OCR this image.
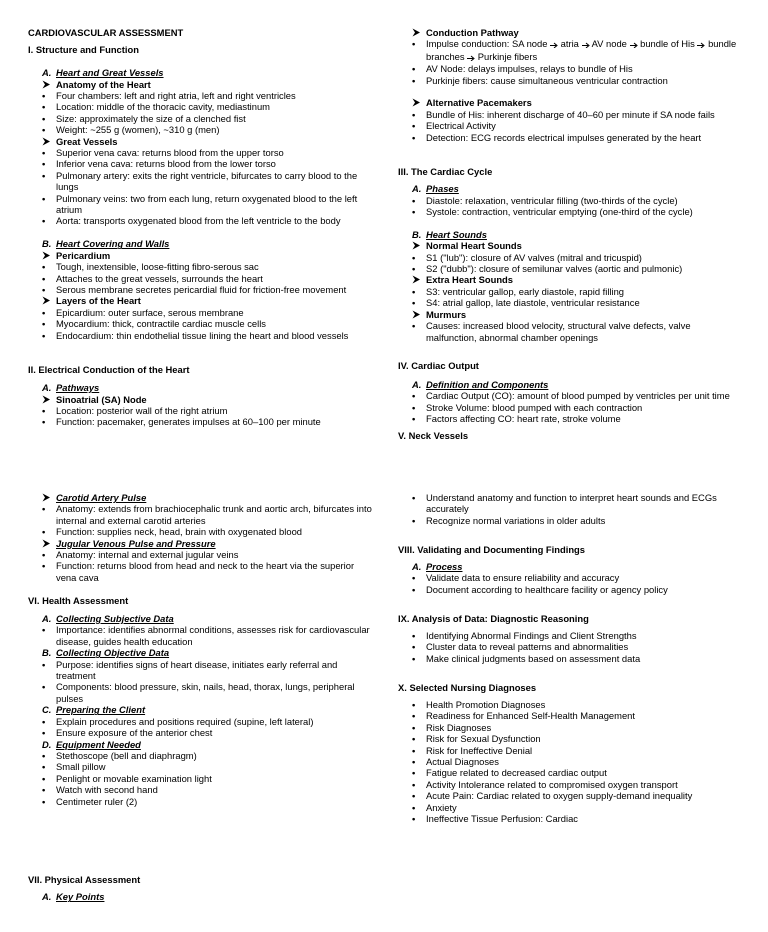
CARDIOVASCULAR ASSESSMENT
I. Structure and Function
A. Heart and Great Vessels
Anatomy of the Heart
•	Four chambers: left and right atria, left and right ventricles
•	Location: middle of the thoracic cavity, mediastinum
•	Size: approximately the size of a clenched fist
•	Weight: ~255 g (women), ~310 g (men)
Great Vessels
•	Superior vena cava: returns blood from the upper torso
•	Inferior vena cava: returns blood from the lower torso
•	Pulmonary artery: exits the right ventricle, bifurcates to carry blood to the lungs
•	Pulmonary veins: two from each lung, return oxygenated blood to the left atrium
•	Aorta: transports oxygenated blood from the left ventricle to the body
B. Heart Covering and Walls
Pericardium
•	Tough, inextensible, loose-fitting fibro-serous sac
•	Attaches to the great vessels, surrounds the heart
•	Serous membrane secretes pericardial fluid for friction-free movement
Layers of the Heart
•	Epicardium: outer surface, serous membrane
•	Myocardium: thick, contractile cardiac muscle cells
•	Endocardium: thin endothelial tissue lining the heart and blood vessels
II. Electrical Conduction of the Heart
A. Pathways
Sinoatrial (SA) Node
•	Location: posterior wall of the right atrium
•	Function: pacemaker, generates impulses at 60–100 per minute
Carotid Artery Pulse
•	Anatomy: extends from brachiocephalic trunk and aortic arch, bifurcates into internal and external carotid arteries
•	Function: supplies neck, head, brain with oxygenated blood
Jugular Venous Pulse and Pressure
•	Anatomy: internal and external jugular veins
•	Function: returns blood from head and neck to the heart via the superior vena cava
VI. Health Assessment
A. Collecting Subjective Data
•	Importance: identifies abnormal conditions, assesses risk for cardiovascular disease, guides health education
B. Collecting Objective Data
•	Purpose: identifies signs of heart disease, initiates early referral and treatment
•	Components: blood pressure, skin, nails, head, thorax, lungs, peripheral pulses
C. Preparing the Client
•	Explain procedures and positions required (supine, left lateral)
•	Ensure exposure of the anterior chest
D. Equipment Needed
•	Stethoscope (bell and diaphragm)
•	Small pillow
•	Penlight or movable examination light
•	Watch with second hand
•	Centimeter ruler (2)
VII. Physical Assessment
A. Key Points
Conduction Pathway
•	Impulse conduction: SA node atria AV node bundle of His bundle branches Purkinje fibers
•	AV Node: delays impulses, relays to bundle of His
•	Purkinje fibers: cause simultaneous ventricular contraction
Alternative Pacemakers
•	Bundle of His: inherent discharge of 40–60 per minute if SA node fails
•	Electrical Activity
•	Detection: ECG records electrical impulses generated by the heart
III. The Cardiac Cycle
A. Phases
•	Diastole: relaxation, ventricular filling (two-thirds of the cycle)
•	Systole: contraction, ventricular emptying (one-third of the cycle)
B. Heart Sounds
Normal Heart Sounds
•	S1 ("lub"): closure of AV valves (mitral and tricuspid)
•	S2 ("dubb"): closure of semilunar valves (aortic and pulmonic)
Extra Heart Sounds
•	S3: ventricular gallop, early diastole, rapid filling
•	S4: atrial gallop, late diastole, ventricular resistance
Murmurs
•	Causes: increased blood velocity, structural valve defects, valve malfunction, abnormal chamber openings
IV. Cardiac Output
A. Definition and Components
•	Cardiac Output (CO): amount of blood pumped by ventricles per unit time
•	Stroke Volume: blood pumped with each contraction
•	Factors affecting CO: heart rate, stroke volume
V. Neck Vessels
•	Understand anatomy and function to interpret heart sounds and ECGs accurately
•	Recognize normal variations in older adults
VIII. Validating and Documenting Findings
A. Process
•	Validate data to ensure reliability and accuracy
•	Document according to healthcare facility or agency policy
IX. Analysis of Data: Diagnostic Reasoning
•	Identifying Abnormal Findings and Client Strengths
•	Cluster data to reveal patterns and abnormalities
•	Make clinical judgments based on assessment data
X. Selected Nursing Diagnoses
•	Health Promotion Diagnoses
•	Readiness for Enhanced Self-Health Management
•	Risk Diagnoses
•	Risk for Sexual Dysfunction
•	Risk for Ineffective Denial
•	Actual Diagnoses
•	Fatigue related to decreased cardiac output
•	Activity Intolerance related to compromised oxygen transport
•	Acute Pain: Cardiac related to oxygen supply-demand inequality
•	Anxiety
•	Ineffective Tissue Perfusion: Cardiac
